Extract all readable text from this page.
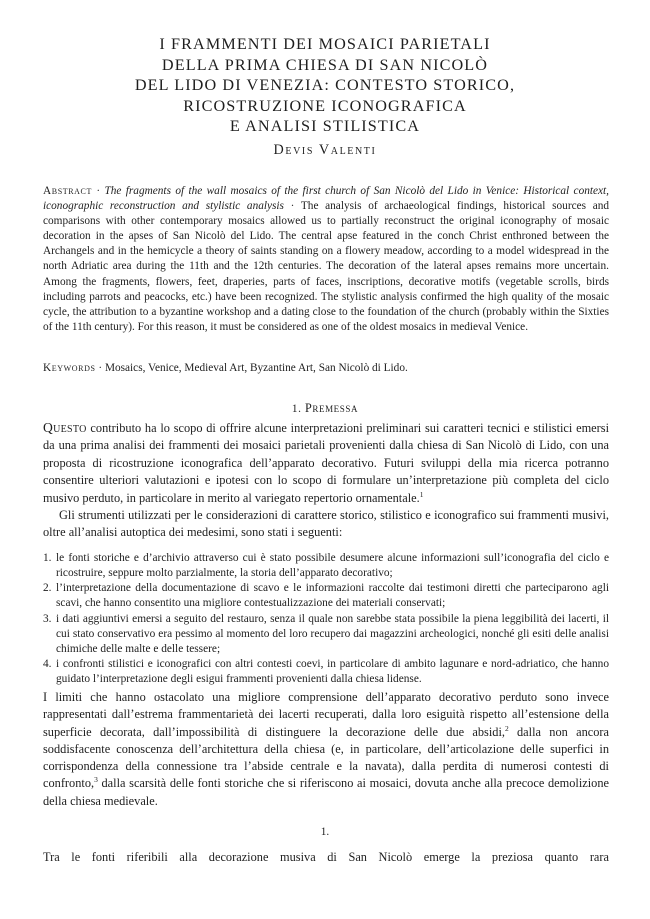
I FRAMMENTI DEI MOSAICI PARIETALI
DELLA PRIMA CHIESA DI SAN NICOLÒ
DEL LIDO DI VENEZIA: CONTESTO STORICO,
RICOSTRUZIONE ICONOGRAFICA
E ANALISI STILISTICA
Devis Valenti
Abstract · The fragments of the wall mosaics of the first church of San Nicolò del Lido in Venice: Historical context, iconographic reconstruction and stylistic analysis · The analysis of archaeological findings, historical sources and comparisons with other contemporary mosaics allowed us to partially reconstruct the original iconography of mosaic decoration in the apses of San Nicolò del Lido. The central apse featured in the conch Christ enthroned between the Archangels and in the hemicycle a theory of saints standing on a flowery meadow, according to a model widespread in the north Adriatic area during the 11th and the 12th centuries. The decoration of the lateral apses remains more uncertain. Among the fragments, flowers, feet, draperies, parts of faces, inscriptions, decorative motifs (vegetable scrolls, birds including parrots and peacocks, etc.) have been recognized. The stylistic analysis confirmed the high quality of the mosaic cycle, the attribution to a byzantine workshop and a dating close to the foundation of the church (probably within the Sixties of the 11th century). For this reason, it must be considered as one of the oldest mosaics in medieval Venice.
Keywords · Mosaics, Venice, Medieval Art, Byzantine Art, San Nicolò di Lido.
1. Premessa

Questo contributo ha lo scopo di offrire alcune interpretazioni preliminari sui caratteri tecnici e stilistici emersi da una prima analisi dei frammenti dei mosaici parietali provenienti dalla chiesa di San Nicolò di Lido, con una proposta di ricostruzione iconografica dell’apparato decorativo. Futuri sviluppi della mia ricerca potranno consentire ulteriori valutazioni e ipotesi con lo scopo di formulare un’interpretazione più completa del ciclo musivo perduto, in particolare in merito al variegato repertorio ornamentale.$^1$

Gli strumenti utilizzati per le considerazioni di carattere storico, stilistico e iconografico sui frammenti musivi, oltre all’analisi autoptica dei medesimi, sono stati i seguenti:

1. le fonti storiche e d’archivio attraverso cui è stato possibile desumere alcune informazioni sull’iconografia del ciclo e ricostruire, seppure molto parzialmente, la storia dell’apparato decorativo;
2. l’interpretazione della documentazione di scavo e le informazioni raccolte dai testimoni diretti che parteciparono agli scavi, che hanno consentito una migliore contestualizzazione dei materiali conservati;
3. i dati aggiuntivi emersi a seguito del restauro, senza il quale non sarebbe stata possibile la piena leggibilità dei lacerti, il cui stato conservativo era pessimo al momento del loro recupero dai magazzini archeologici, nonché gli esiti delle analisi chimiche delle malte e delle tessere;
4. i confronti stilistici e iconografici con altri contesti coevi, in particolare di ambito lagunare e nord-adriatico, che hanno guidato l’interpretazione degli esigui frammenti provenienti dalla chiesa lidense.
I limiti che hanno ostacolato una migliore comprensione dell’apparato decorativo perduto sono invece rappresentati dall’estrema frammentarietà dei lacerti recuperati, dalla loro esiguità rispetto all’estensione della superficie decorata, dall’impossibilità di distinguere la decorazione delle due absidi,$^2$ dalla non ancora soddisfacente conoscenza dell’architettura della chiesa (e, in particolare, dell’articolazione delle superfici in corrispondenza della connessione tra l’abside centrale e la navata), dalla perdita di numerosi contesti di confronto,$^3$ dalla scarsità delle fonti storiche che si riferiscono ai mosaici, dovuta anche alla precoce demolizione della chiesa medievale.
1.
Tra le fonti riferibili alla decorazione musiva di San Nicolò emerge la preziosa quanto rara
